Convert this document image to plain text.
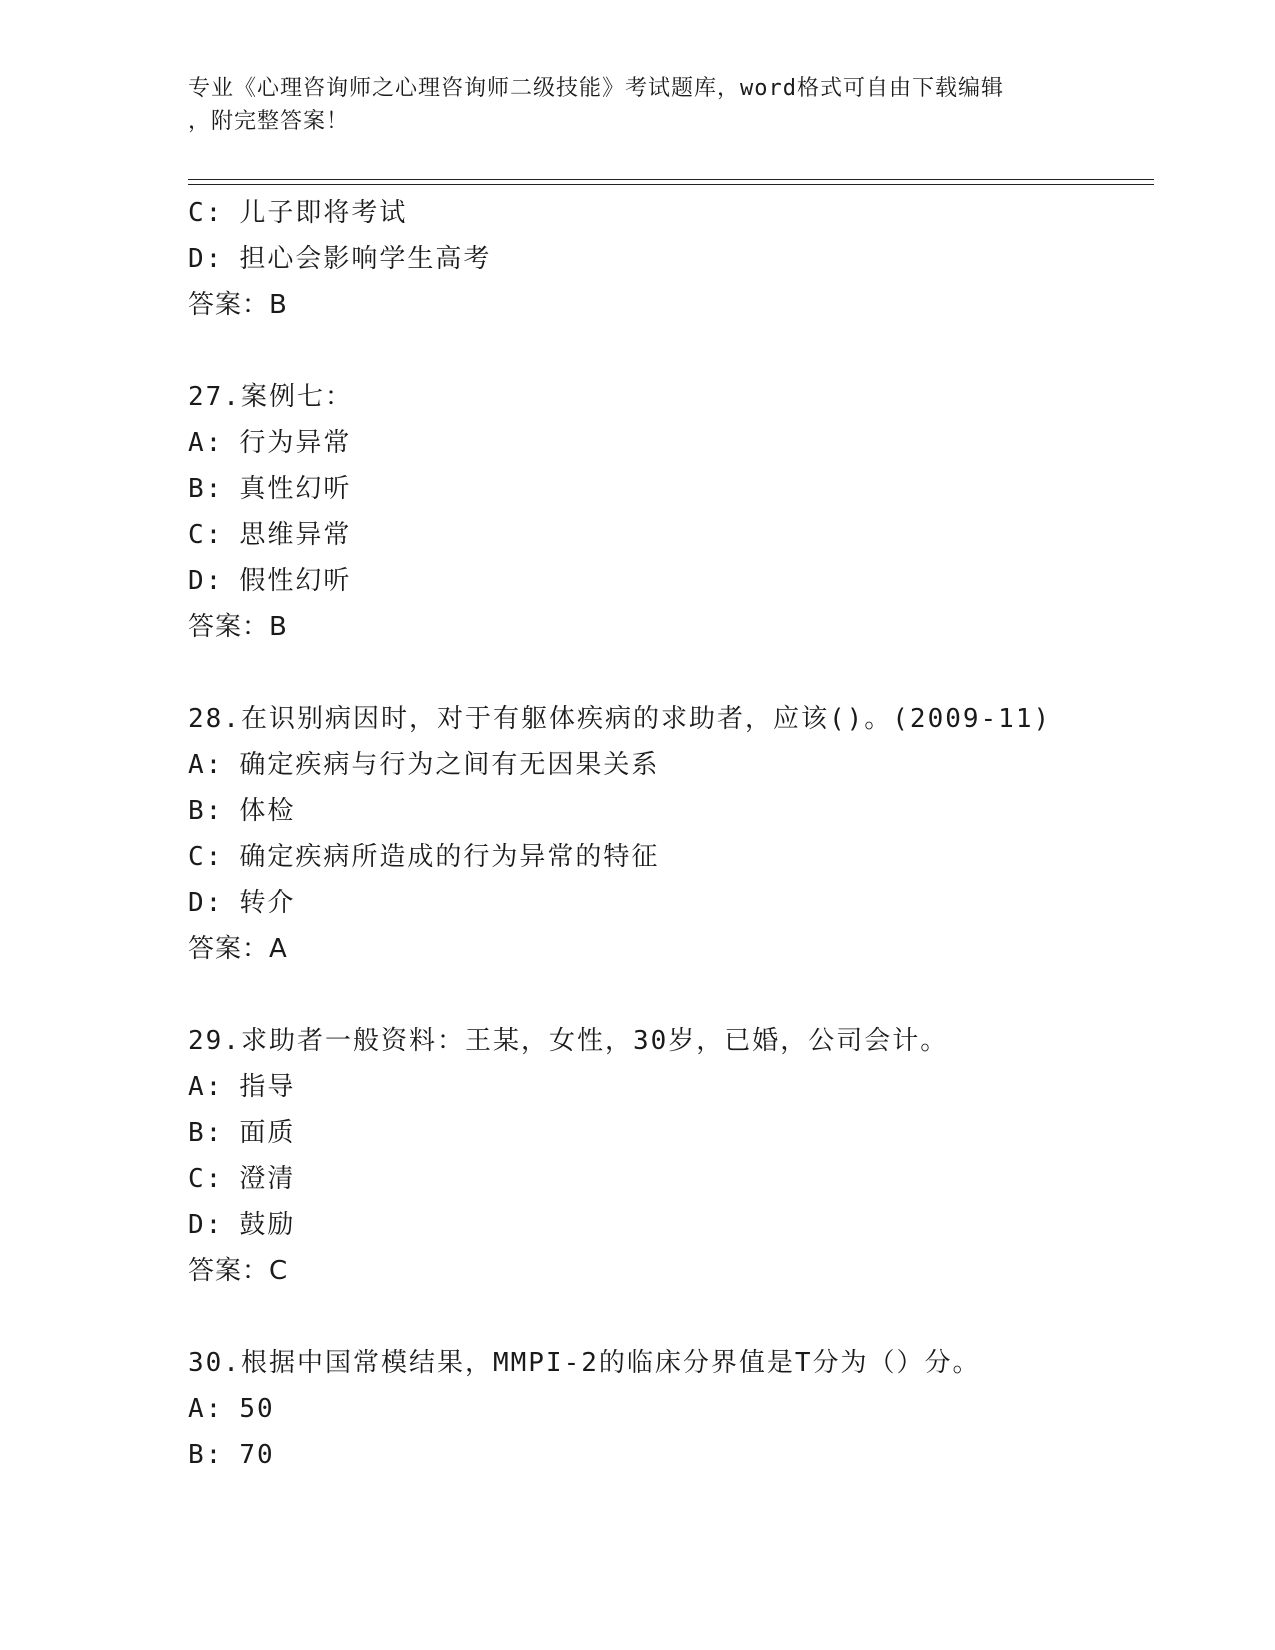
专业《心理咨询师之心理咨询师二级技能》考试题库，word格式可自由下载编辑
，附完整答案！
C: 儿子即将考试
D: 担心会影响学生高考
答案：B
27.案例七：
A: 行为异常
B: 真性幻听
C: 思维异常
D: 假性幻听
答案：B
28.在识别病因时，对于有躯体疾病的求助者，应该()。(2009-11)
A: 确定疾病与行为之间有无因果关系
B: 体检
C: 确定疾病所造成的行为异常的特征
D: 转介
答案：A
29.求助者一般资料：王某，女性，30岁，已婚，公司会计。
A: 指导
B: 面质
C: 澄清
D: 鼓励
答案：C
30.根据中国常模结果，MMPI-2的临床分界值是T分为（）分。
A: 50
B: 70
